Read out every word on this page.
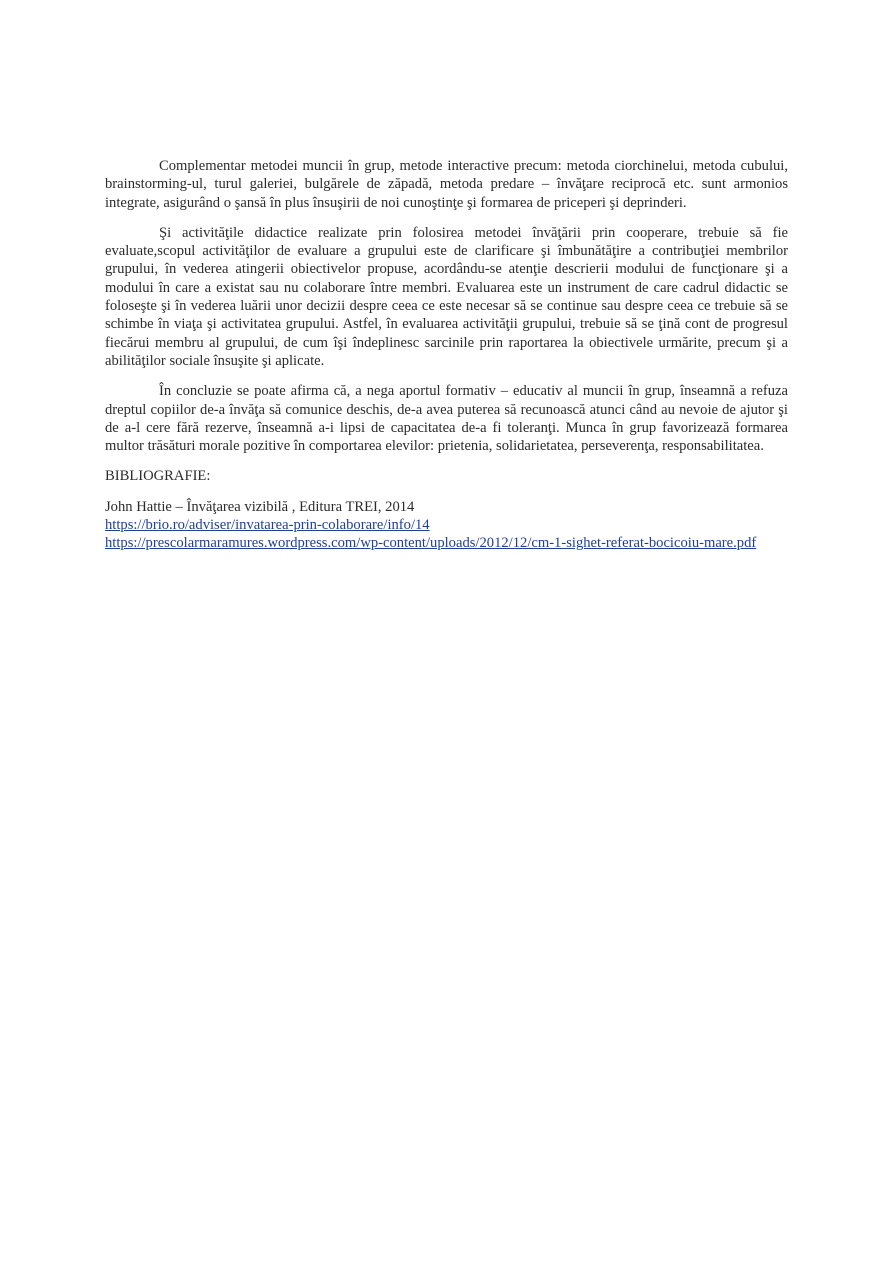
Complementar metodei muncii în grup, metode interactive precum: metoda ciorchinelui, metoda cubului, brainstorming-ul, turul galeriei, bulgărele de zăpadă, metoda predare – învăţare reciprocă etc. sunt armonios integrate, asigurând o şansă în plus însuşirii de noi cunoştinţe şi formarea de priceperi şi deprinderi.

Şi activităţile didactice realizate prin folosirea metodei învăţării prin cooperare, trebuie să fie evaluate,scopul activităţilor de evaluare a grupului este de clarificare şi îmbunătăţire a contribuţiei membrilor grupului, în vederea atingerii obiectivelor propuse, acordându-se atenţie descrierii modului de funcţionare şi a modului în care a existat sau nu colaborare între membri. Evaluarea este un instrument de care cadrul didactic se foloseşte şi în vederea luării unor decizii despre ceea ce este necesar să se continue sau despre ceea ce trebuie să se schimbe în viaţa şi activitatea grupului. Astfel, în evaluarea activităţii grupului, trebuie să se ţină cont de progresul fiecărui membru al grupului, de cum îşi îndeplinesc sarcinile prin raportarea la obiectivele urmărite, precum şi a abilităţilor sociale însuşite şi aplicate.

În concluzie se poate afirma că, a nega aportul formativ – educativ al muncii în grup, înseamnă a refuza dreptul copiilor de-a învăţa să comunice deschis, de-a avea puterea să recunoască atunci când au nevoie de ajutor şi de a-l cere fără rezerve, înseamnă a-i lipsi de capacitatea de-a fi toleranţi. Munca în grup favorizează formarea multor trăsături morale pozitive în comportarea elevilor: prietenia, solidarietatea, perseverenţa, responsabilitatea.

BIBLIOGRAFIE:

John Hattie – Învăţarea vizibilă , Editura TREI, 2014
https://brio.ro/adviser/invatarea-prin-colaborare/info/14
https://prescolarmaramures.wordpress.com/wp-content/uploads/2012/12/cm-1-sighet-referat-bocicoiu-mare.pdf
